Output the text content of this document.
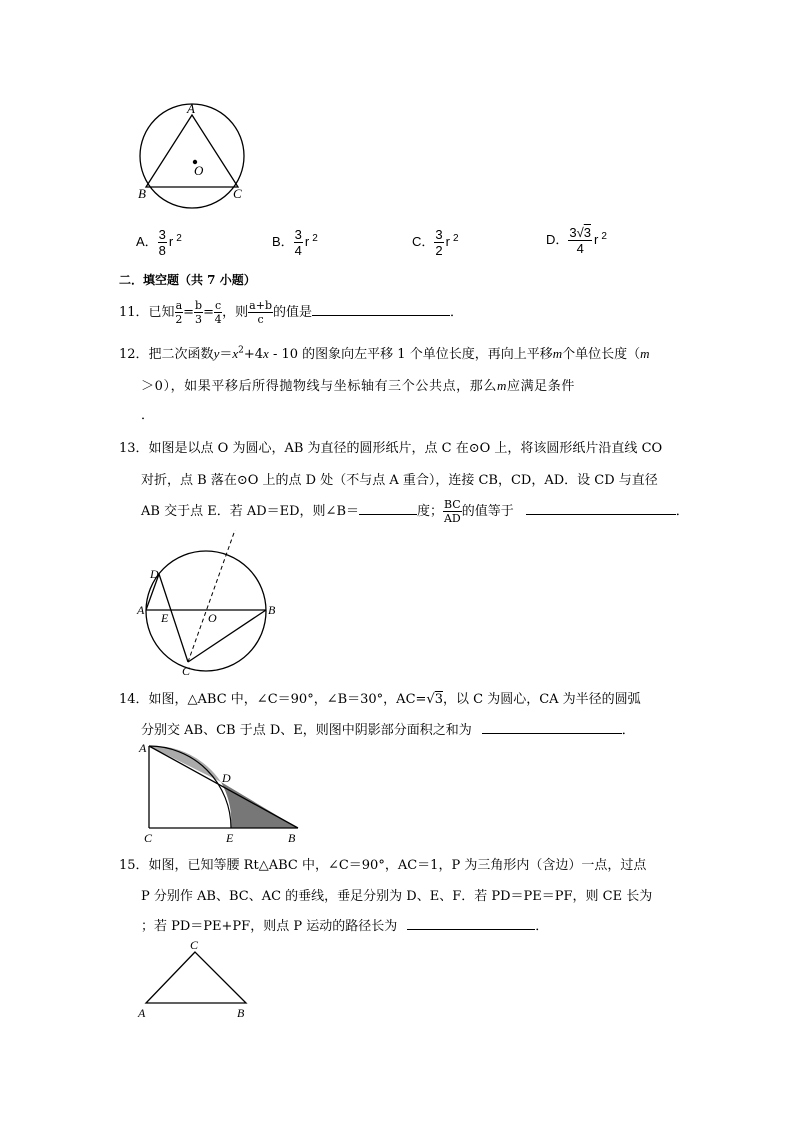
A
B	C
O
A． $\frac{3}{8}$ r $^2$	B． $\frac{3}{4}$ r $^2$	C． $\frac{3}{2}$ r $^2$	D． $\frac{3√3}{4}$ r $^2$
二．填空题（共 7 小题）
11．已知 $\frac{a}{2} = \frac{b}{3} = \frac{c}{4}$ ，则 $\frac{a+b}{c}$ 的值是	．
12．把二次函数$y=x^2+4x - 10$ 的图象向左平移 1 个单位长度，再向上平移m个单位长度（m
＞0），如果平移后所得抛物线与坐标轴有三个公共点，那么m应满足条件
．
13．如图是以点 O 为圆心，AB 为直径的圆形纸片，点 C 在⊙O 上，将该圆形纸片沿直线 CO
对折，点 B 落在⊙O 上的点 D 处（不与点 A 重合），连接 CB，CD，AD．设 CD 与直径
AB 交于点 E．若 AD＝ED，则∠B＝	度； $\frac{BC}{AD}$ 的值等于	．
D
A
E	O
B
C
14．如图，△ABC 中，∠C＝90°，∠B＝30°，AC=√3，以 C 为圆心，CA 为半径的圆弧
分别交 AB、CB 于点 D、E，则图中阴影部分面积之和为	．
A
D
C	E	B
15．如图，已知等腰 Rt△ABC 中，∠C＝90°，AC＝1，P 为三角形内（含边）一点，过点
P 分别作 AB、BC、AC 的垂线，垂足分别为 D、E、F．若 PD＝PE＝PF，则 CE 长为
；若 PD＝PE+PF，则点 P 运动的路径长为	．
C
A	B
